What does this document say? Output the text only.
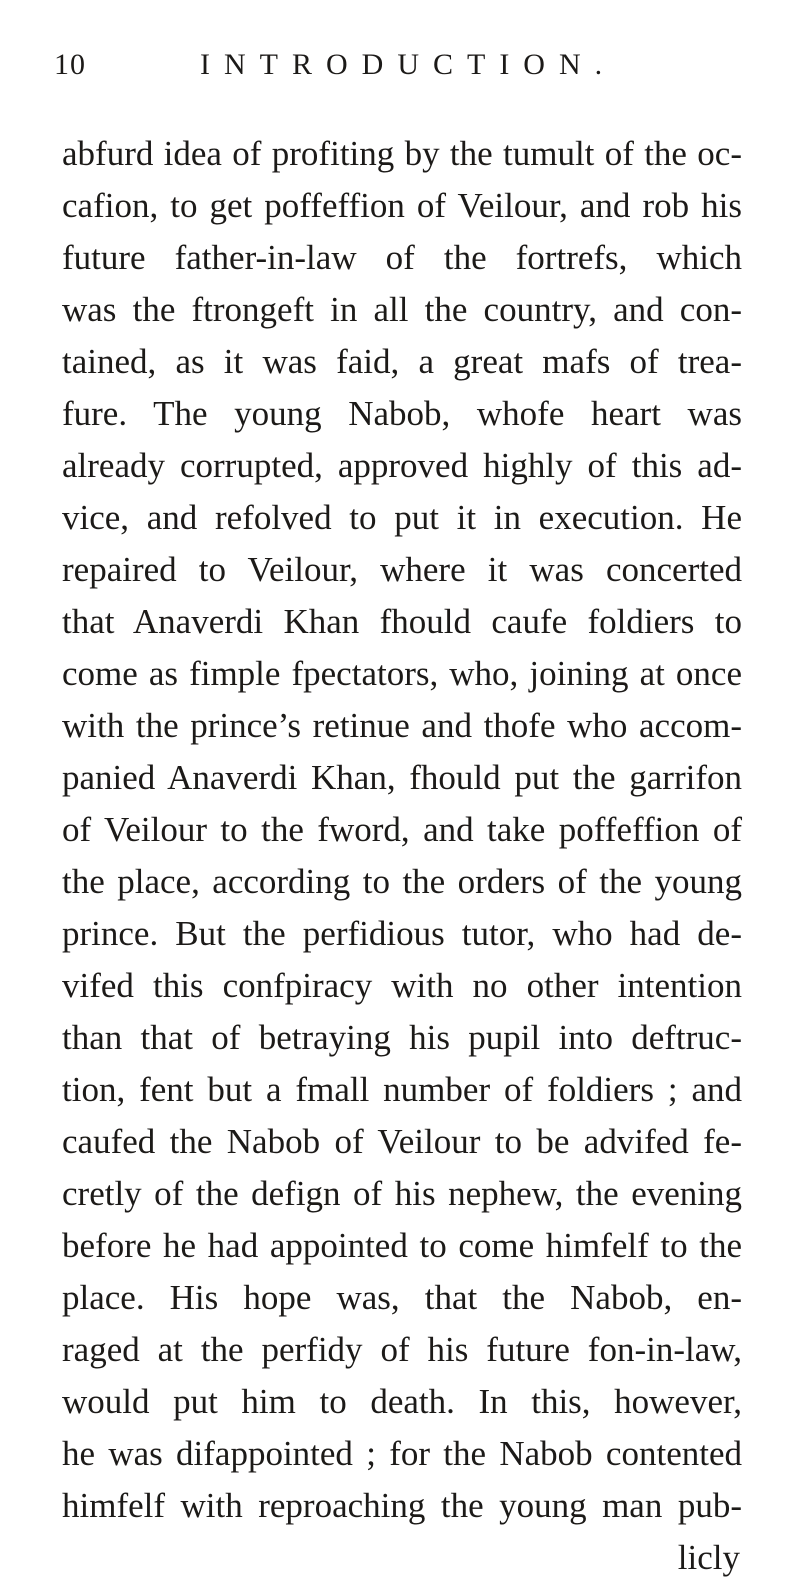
10	INTRODUCTION.
abfurd idea of profiting by the tumult of the oc-
cafion, to get poffeffion of Veilour, and rob his
future father-in-law of the fortrefs, which
was the ftrongeft in all the country, and con-
tained, as it was faid, a great mafs of trea-
fure. The young Nabob, whofe heart was
already corrupted, approved highly of this ad-
vice, and refolved to put it in execution. He
repaired to Veilour, where it was concerted
that Anaverdi Khan fhould caufe foldiers to
come as fimple fpectators, who, joining at once
with the prince’s retinue and thofe who accom-
panied Anaverdi Khan, fhould put the garrifon
of Veilour to the fword, and take poffeffion of
the place, according to the orders of the young
prince. But the perfidious tutor, who had de-
vifed this confpiracy with no other intention
than that of betraying his pupil into deftruc-
tion, fent but a fmall number of foldiers ; and
caufed the Nabob of Veilour to be advifed fe-
cretly of the defign of his nephew, the evening
before he had appointed to come himfelf to the
place. His hope was, that the Nabob, en-
raged at the perfidy of his future fon-in-law,
would put him to death. In this, however,
he was difappointed ; for the Nabob contented
himfelf with reproaching the young man pub-
licly
